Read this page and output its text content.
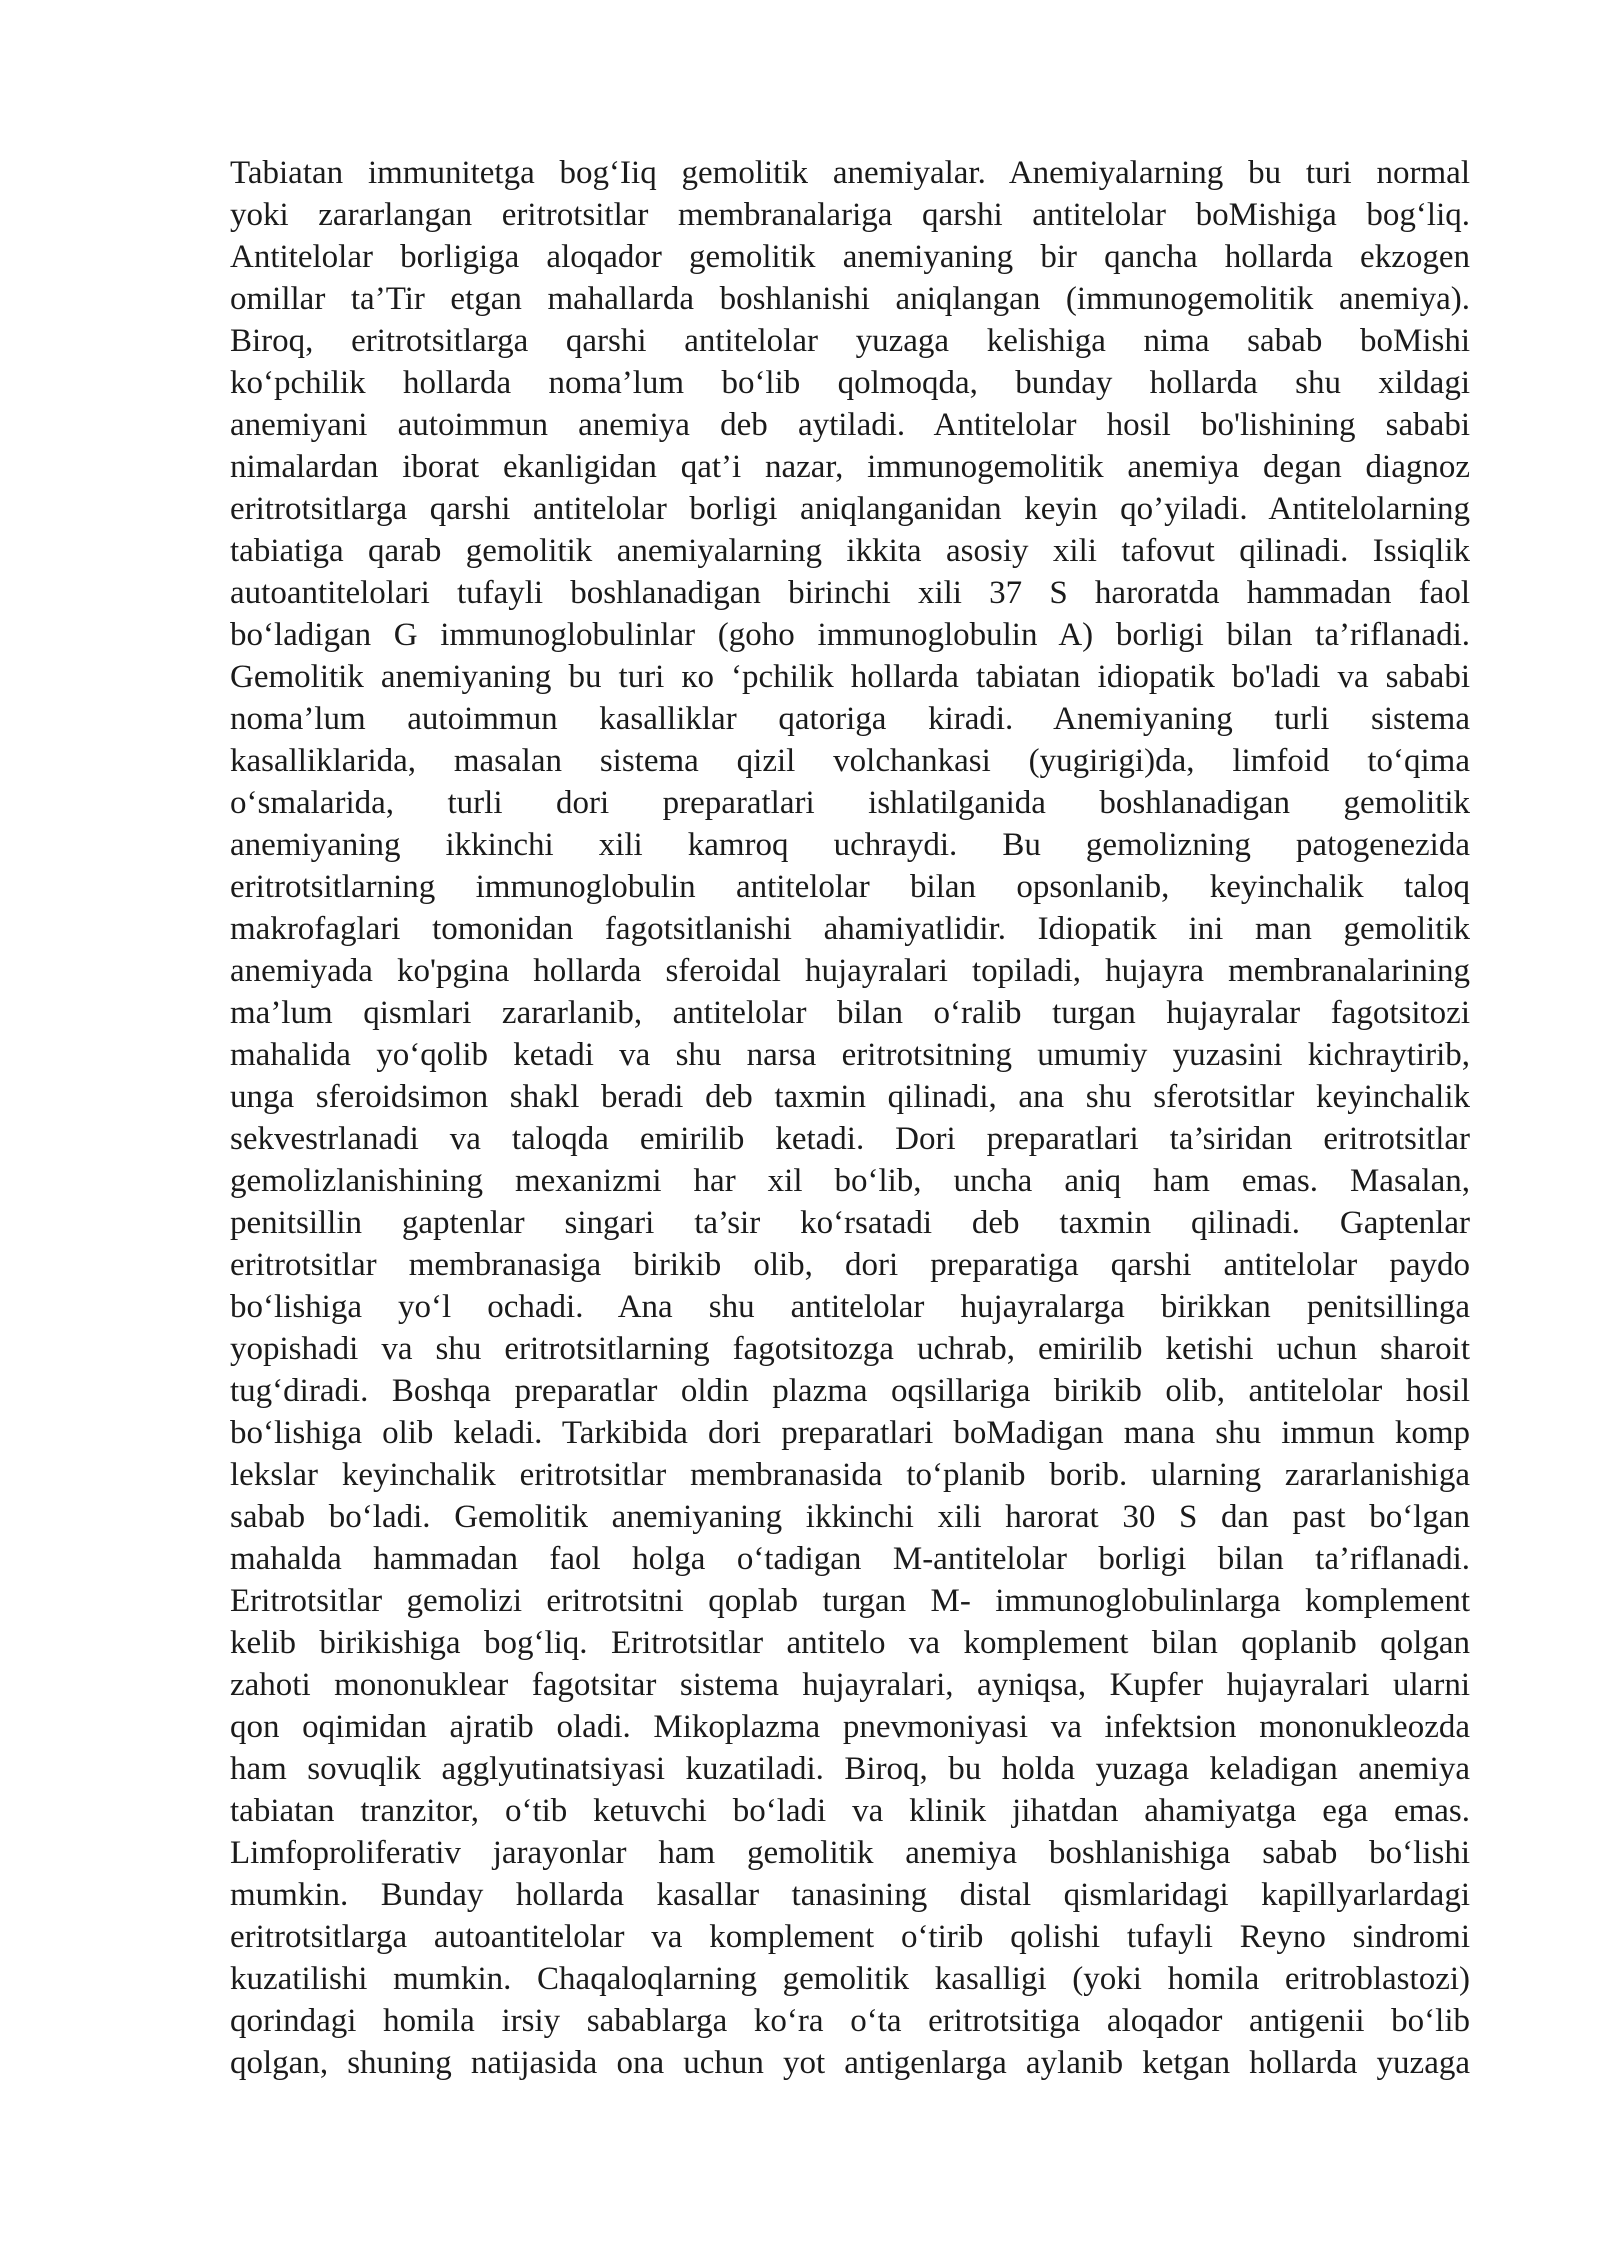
Tabiatan immunitetga bog‘Iiq gemolitik anemiyalar. Anemiyalarning bu turi normal
yoki zararlangan eritrotsitlar membranalariga qarshi antitelolar boMishiga bog‘liq.
Antitelolar borligiga aloqador gemolitik anemiyaning bir qancha hollarda ekzogen
omillar ta’Tir etgan mahallarda boshlanishi aniqlangan (immunogemolitik anemiya).
Biroq, eritrotsitlarga qarshi antitelolar yuzaga kelishiga nima sabab boMishi
ko‘pchilik hollarda noma’lum bo‘lib qolmoqda, bunday hollarda shu xildagi
anemiyani autoimmun anemiya deb aytiladi. Antitelolar hosil bo'lishining sababi
nimalardan iborat ekanligidan qat’i nazar, immunogemolitik anemiya degan diagnoz
eritrotsitlarga qarshi antitelolar borligi aniqlanganidan keyin qo’yiladi. Antitelolarning
tabiatiga qarab gemolitik anemiyalarning ikkita asosiy xili tafovut qilinadi. Issiqlik
autoantitelolari tufayli boshlanadigan birinchi xili 37 S haroratda hammadan faol
bo‘ladigan G immunoglobulinlar (goho immunoglobulin A) borligi bilan ta’riflanadi.
Gemolitik anemiyaning bu turi кo ‘pchilik hollarda tabiatan idiopatik bo'ladi va sababi
noma’lum autoimmun kasalliklar qatoriga kiradi. Anemiyaning turli sistema
kasalliklarida, masalan sistema qizil volchankasi (yugirigi)da, limfoid to‘qima
o‘smalarida, turli dori preparatlari ishlatilganida boshlanadigan gemolitik
anemiyaning ikkinchi xili kamroq uchraydi. Bu gemolizning patogenezida
eritrotsitlarning immunoglobulin antitelolar bilan opsonlanib, keyinchalik taloq
makrofaglari tomonidan fagotsitlanishi ahamiyatlidir. Idiopatik ini man gemolitik
anemiyada ko'pgina hollarda sferoidal hujayralari topiladi, hujayra membranalarining
ma’lum qismlari zararlanib, antitelolar bilan o‘ralib turgan hujayralar fagotsitozi
mahalida yo‘qolib ketadi va shu narsa eritrotsitning umumiy yuzasini kichraytirib,
unga sferoidsimon shakl beradi deb taxmin qilinadi, ana shu sferotsitlar keyinchalik
sekvestrlanadi va taloqda emirilib ketadi. Dori preparatlari ta’siridan eritrotsitlar
gemolizlanishining mexanizmi har xil bo‘lib, uncha aniq ham emas. Masalan,
penitsillin gaptenlar singari ta’sir ko‘rsatadi deb taxmin qilinadi. Gaptenlar
eritrotsitlar membranasiga birikib olib, dori preparatiga qarshi antitelolar paydo
bo‘lishiga yo‘l ochadi. Ana shu antitelolar hujayralarga birikkan penitsillinga
yopishadi va shu eritrotsitlarning fagotsitozga uchrab, emirilib ketishi uchun sharoit
tug‘diradi. Boshqa preparatlar oldin plazma oqsillariga birikib olib, antitelolar hosil
bo‘lishiga olib keladi. Tarkibida dori preparatlari boMadigan mana shu immun komp
lekslar keyinchalik eritrotsitlar membranasida to‘planib borib. ularning zararlanishiga
sabab bo‘ladi. Gemolitik anemiyaning ikkinchi xili harorat 30 S dan past bo‘lgan
mahalda hammadan faol holga o‘tadigan M-antitelolar borligi bilan ta’riflanadi.
Eritrotsitlar gemolizi eritrotsitni qoplab turgan M- immunoglobulinlarga komplement
kelib birikishiga bog‘liq. Eritrotsitlar antitelo va komplement bilan qoplanib qolgan
zahoti mononuklear fagotsitar sistema hujayralari, ayniqsa, Kupfer hujayralari ularni
qon oqimidan ajratib oladi. Mikoplazma pnevmoniyasi va infektsion mononukleozda
ham sovuqlik agglyutinatsiyasi kuzatiladi. Biroq, bu holda yuzaga keladigan anemiya
tabiatan tranzitor, o‘tib ketuvchi bo‘ladi va klinik jihatdan ahamiyatga ega emas.
Limfoproliferativ jarayonlar ham gemolitik anemiya boshlanishiga sabab bo‘lishi
mumkin. Bunday hollarda kasallar tanasining distal qismlaridagi kapillyarlardagi
eritrotsitlarga autoantitelolar va komplement o‘tirib qolishi tufayli Reyno sindromi
kuzatilishi mumkin. Chaqaloqlarning gemolitik kasalligi (yoki homila eritroblastozi)
qorindagi homila irsiy sabablarga ko‘ra o‘ta eritrotsitiga aloqador antigenii bo‘lib
qolgan, shuning natijasida ona uchun yot antigenlarga aylanib ketgan hollarda yuzaga
